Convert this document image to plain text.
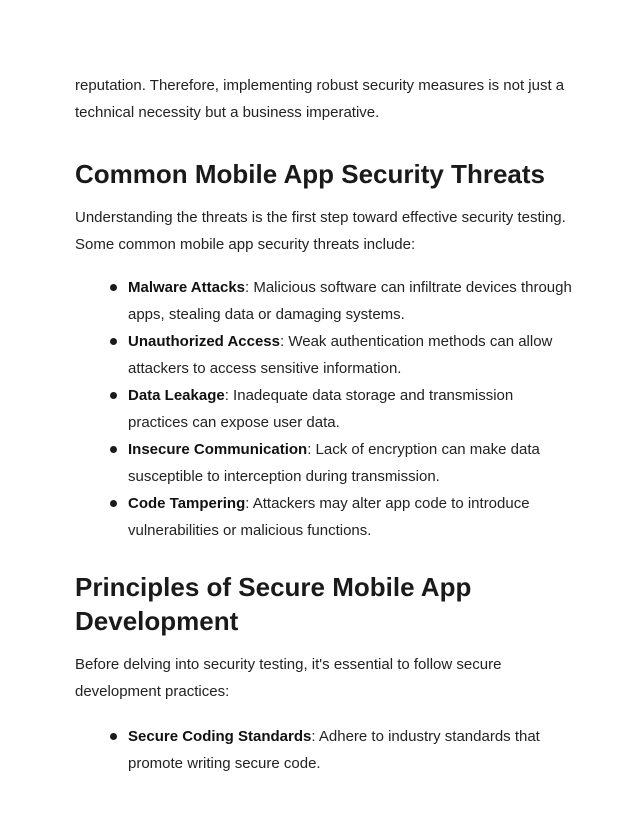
reputation. Therefore, implementing robust security measures is not just a technical necessity but a business imperative.

Common Mobile App Security Threats

Understanding the threats is the first step toward effective security testing. Some common mobile app security threats include:

Malware Attacks: Malicious software can infiltrate devices through apps, stealing data or damaging systems.
Unauthorized Access: Weak authentication methods can allow attackers to access sensitive information.
Data Leakage: Inadequate data storage and transmission practices can expose user data.
Insecure Communication: Lack of encryption can make data susceptible to interception during transmission.
Code Tampering: Attackers may alter app code to introduce vulnerabilities or malicious functions.
Principles of Secure Mobile App Development

Before delving into security testing, it's essential to follow secure development practices:

Secure Coding Standards: Adhere to industry standards that promote writing secure code.
